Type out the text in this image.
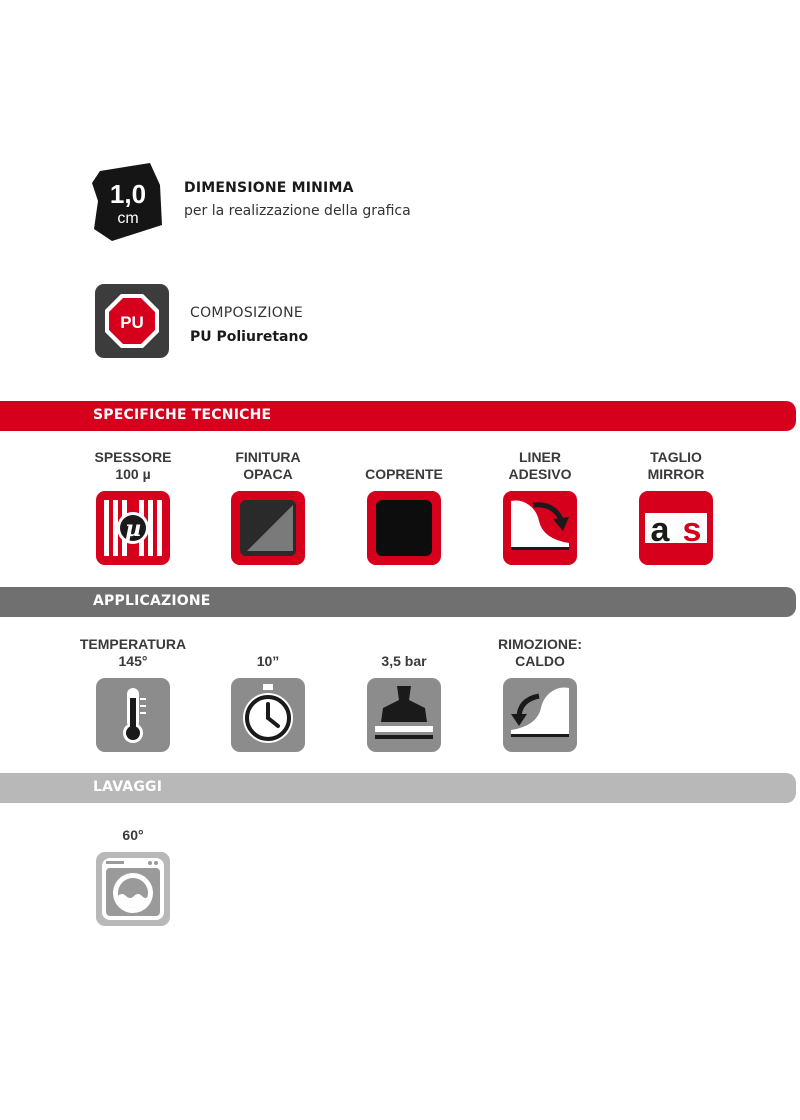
1,0
cm
DIMENSIONE MINIMA
per la realizzazione della grafica
PU	COMPOSIZIONE
PU Poliuretano
SPECIFICHE TECNICHE
SPESSORE
100 µ
µ
FINITURA
OPACA	COPRENTE
LINER
ADESIVO
TAGLIO
MIRROR
a s
APPLICAZIONE
TEMPERATURA
145°	10”	3,5 bar
RIMOZIONE:
CALDO
LAVAGGI
60°
